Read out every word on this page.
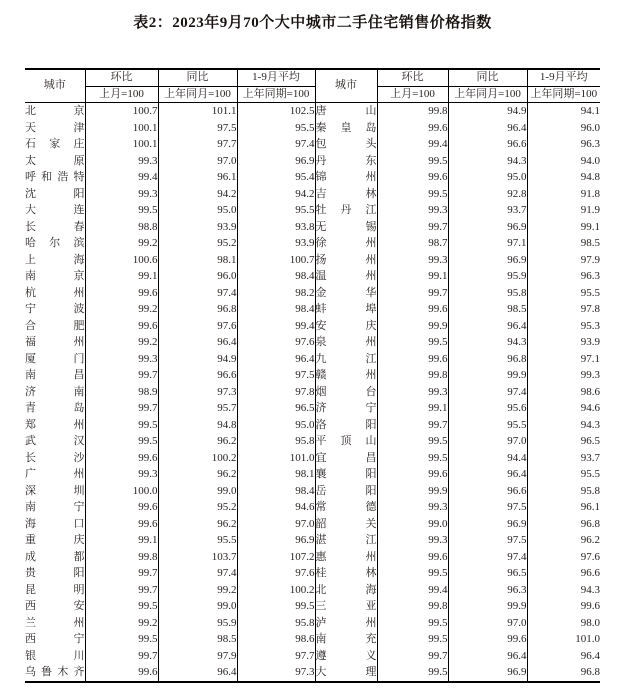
表2：2023年9月70个大中城市二手住宅销售价格指数
城市	环比	同比	1-9月平均	城市	环比	同比	1-9月平均
	上月=100	上年同月=100	上年同期=100		上月=100	上年同月=100	上年同期=100
北京	100.7	101.1	102.5	唐山	99.8	94.9	94.1
天津	100.1	97.5	95.5	秦皇岛	99.6	96.4	96.0
石家庄	100.1	97.7	97.4	包头	99.4	96.6	96.3
太原	99.3	97.0	96.9	丹东	99.5	94.3	94.0
呼和浩特	99.4	96.1	95.4	锦州	99.6	95.0	94.8
沈阳	99.3	94.2	94.2	吉林	99.5	92.8	91.8
大连	99.5	95.0	95.5	牡丹江	99.3	93.7	91.9
长春	98.8	93.9	93.8	无锡	99.7	96.9	99.1
哈尔滨	99.2	95.2	93.9	徐州	98.7	97.1	98.5
上海	100.6	98.1	100.7	扬州	99.3	96.9	97.9
南京	99.1	96.0	98.4	温州	99.1	95.9	96.3
杭州	99.6	97.4	98.2	金华	99.7	95.8	95.5
宁波	99.2	96.8	98.4	蚌埠	99.6	98.5	97.8
合肥	99.6	97.6	99.4	安庆	99.9	96.4	95.3
福州	99.2	96.4	97.6	泉州	99.5	94.3	93.9
厦门	99.3	94.9	96.4	九江	99.6	96.8	97.1
南昌	99.7	96.6	97.5	赣州	99.8	99.9	99.3
济南	98.9	97.3	97.8	烟台	99.3	97.4	98.6
青岛	99.7	95.7	96.5	济宁	99.1	95.6	94.6
郑州	99.5	94.8	95.0	洛阳	99.7	95.5	94.3
武汉	99.5	96.2	95.8	平顶山	99.5	97.0	96.5
长沙	99.6	100.2	101.0	宜昌	99.5	94.4	93.7
广州	99.3	96.2	98.1	襄阳	99.6	96.4	95.5
深圳	100.0	99.0	98.4	岳阳	99.9	96.6	95.8
南宁	99.6	95.2	94.6	常德	99.3	97.5	96.1
海口	99.6	96.2	97.0	韶关	99.0	96.9	96.8
重庆	99.1	95.5	96.9	湛江	99.3	97.5	96.2
成都	99.8	103.7	107.2	惠州	99.6	97.4	97.6
贵阳	99.7	97.4	97.6	桂林	99.5	96.5	96.6
昆明	99.7	99.2	100.2	北海	99.4	96.3	94.3
西安	99.5	99.0	99.5	三亚	99.8	99.9	99.6
兰州	99.2	95.9	95.8	泸州	99.5	97.0	98.0
西宁	99.5	98.5	98.6	南充	99.5	99.6	101.0
银川	99.7	97.9	97.7	遵义	99.7	96.4	96.4
乌鲁木齐	99.6	96.4	97.3	大理	99.5	96.9	96.8
